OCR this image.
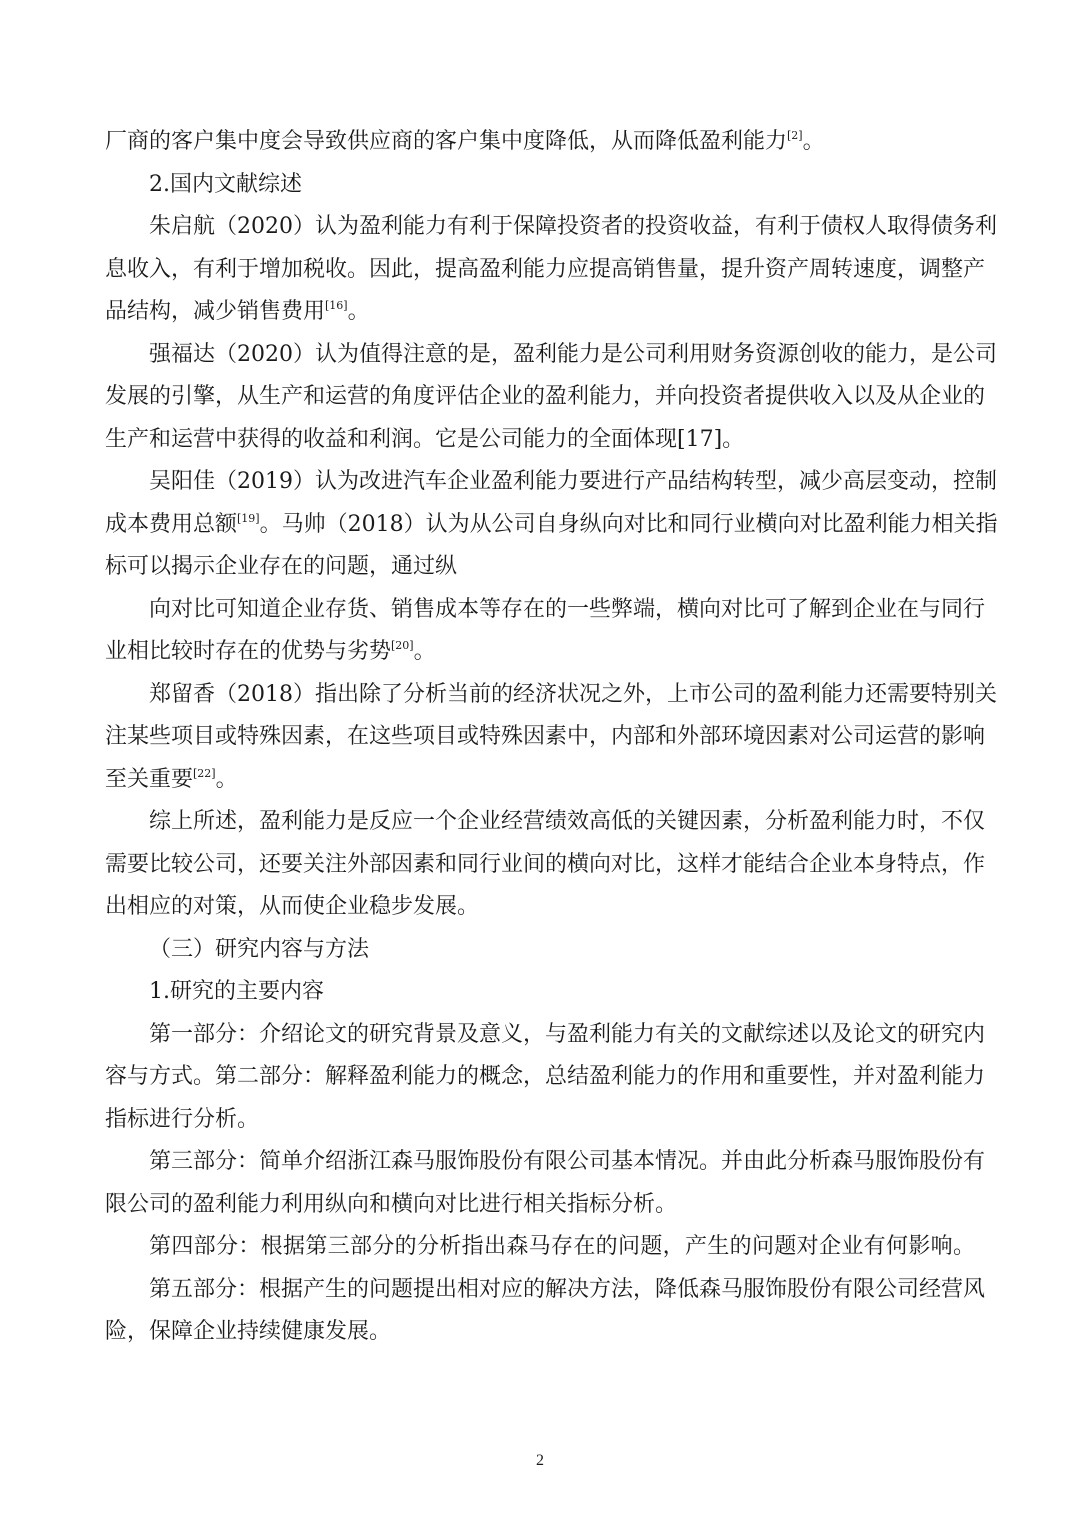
厂商的客户集中度会导致供应商的客户集中度降低，从而降低盈利能力[2]。
2.国内文献综述
朱启航（2020）认为盈利能力有利于保障投资者的投资收益，有利于债权人取得债务利
息收入，有利于增加税收。因此，提高盈利能力应提高销售量，提升资产周转速度，调整产
品结构，减少销售费用[16]。
强福达（2020）认为值得注意的是，盈利能力是公司利用财务资源创收的能力，是公司
发展的引擎，从生产和运营的角度评估企业的盈利能力，并向投资者提供收入以及从企业的
生产和运营中获得的收益和利润。它是公司能力的全面体现[17]。
吴阳佳（2019）认为改进汽车企业盈利能力要进行产品结构转型，减少高层变动，控制
成本费用总额[19]。马帅（2018）认为从公司自身纵向对比和同行业横向对比盈利能力相关指
标可以揭示企业存在的问题，通过纵
向对比可知道企业存货、销售成本等存在的一些弊端，横向对比可了解到企业在与同行
业相比较时存在的优势与劣势[20]。
郑留香（2018）指出除了分析当前的经济状况之外，上市公司的盈利能力还需要特别关
注某些项目或特殊因素，在这些项目或特殊因素中，内部和外部环境因素对公司运营的影响
至关重要[22]。
综上所述，盈利能力是反应一个企业经营绩效高低的关键因素，分析盈利能力时，不仅
需要比较公司，还要关注外部因素和同行业间的横向对比，这样才能结合企业本身特点，作
出相应的对策，从而使企业稳步发展。
（三）研究内容与方法
1.研究的主要内容
第一部分：介绍论文的研究背景及意义，与盈利能力有关的文献综述以及论文的研究内
容与方式。第二部分：解释盈利能力的概念，总结盈利能力的作用和重要性，并对盈利能力
指标进行分析。
第三部分：简单介绍浙江森马服饰股份有限公司基本情况。并由此分析森马服饰股份有
限公司的盈利能力利用纵向和横向对比进行相关指标分析。
第四部分：根据第三部分的分析指出森马存在的问题，产生的问题对企业有何影响。
第五部分：根据产生的问题提出相对应的解决方法，降低森马服饰股份有限公司经营风
险，保障企业持续健康发展。
2
